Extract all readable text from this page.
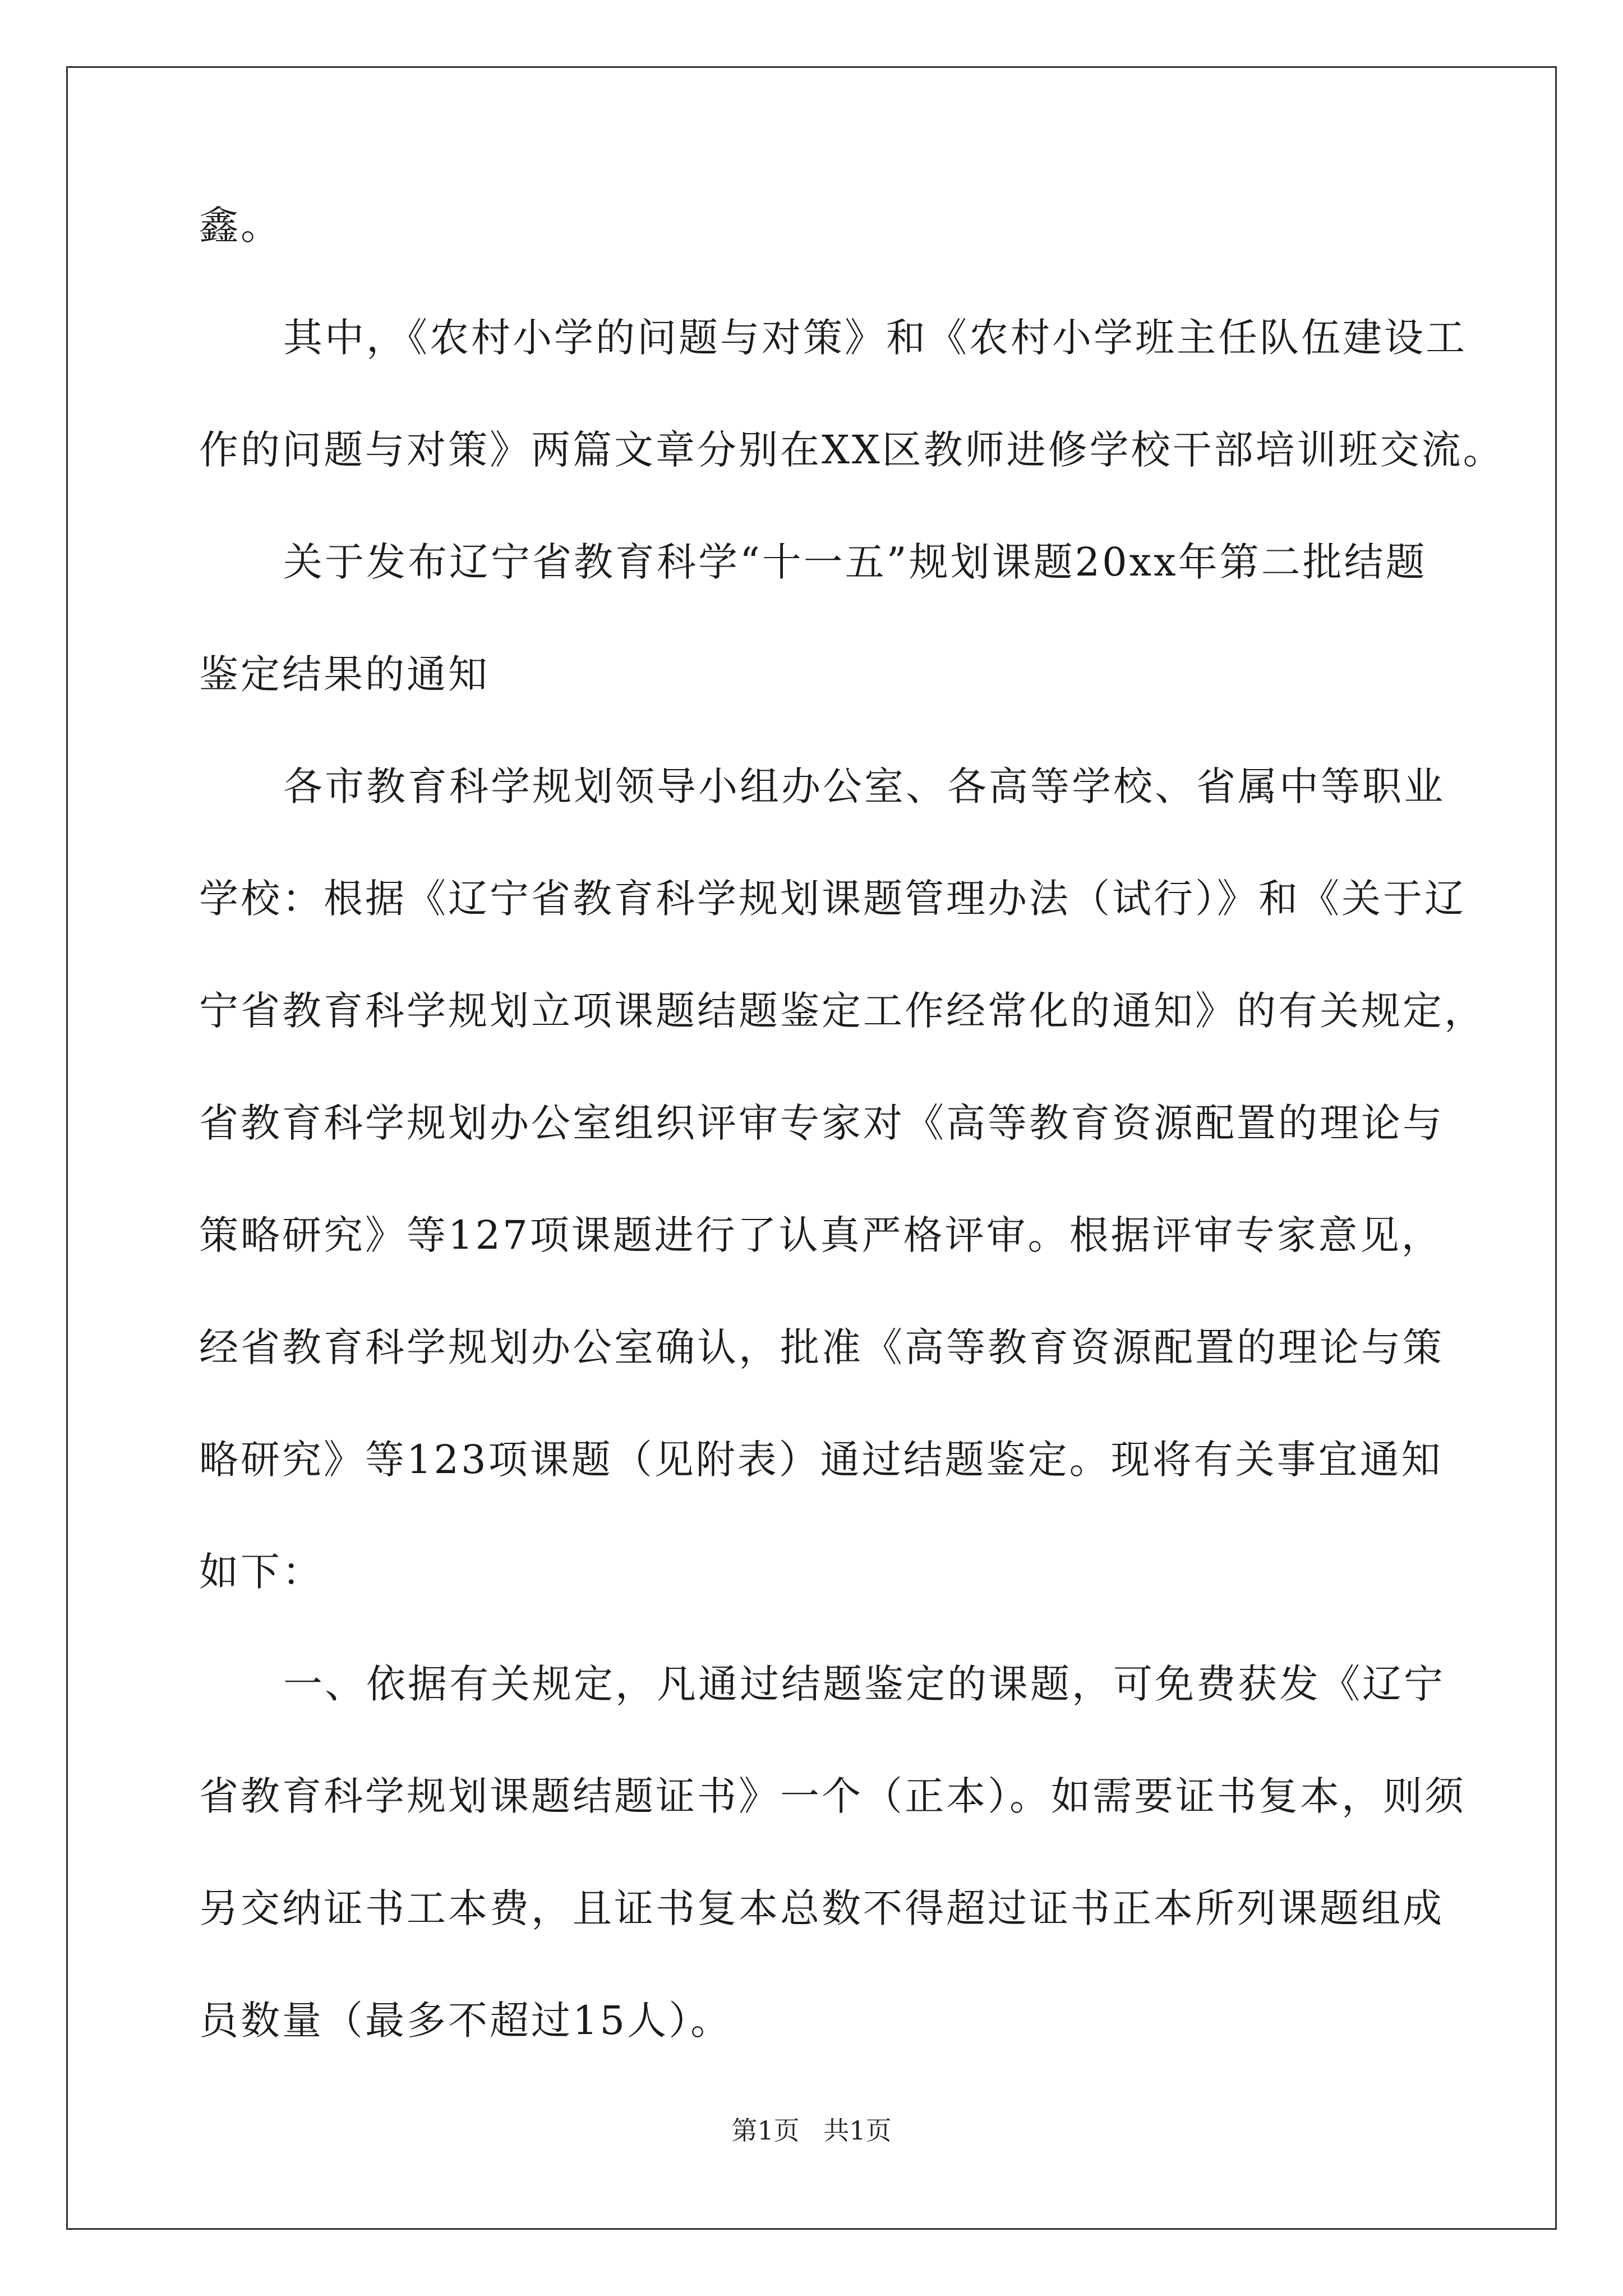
鑫。
其中，《农村小学的问题与对策》和《农村小学班主任队伍建设工
作的问题与对策》两篇文章分别在XX区教师进修学校干部培训班交流。
关于发布辽宁省教育科学“十一五”规划课题20xx年第二批结题
鉴定结果的通知
各市教育科学规划领导小组办公室、各高等学校、省属中等职业
学校：根据《辽宁省教育科学规划课题管理办法（试行）》和《关于辽
宁省教育科学规划立项课题结题鉴定工作经常化的通知》的有关规定，
省教育科学规划办公室组织评审专家对《高等教育资源配置的理论与
策略研究》等127项课题进行了认真严格评审。根据评审专家意见，
经省教育科学规划办公室确认，批准《高等教育资源配置的理论与策
略研究》等123项课题（见附表）通过结题鉴定。现将有关事宜通知
如下：
一、依据有关规定，凡通过结题鉴定的课题，可免费获发《辽宁
省教育科学规划课题结题证书》一个（正本）。如需要证书复本，则须
另交纳证书工本费，且证书复本总数不得超过证书正本所列课题组成
员数量（最多不超过15人）。
第1页 共1页
